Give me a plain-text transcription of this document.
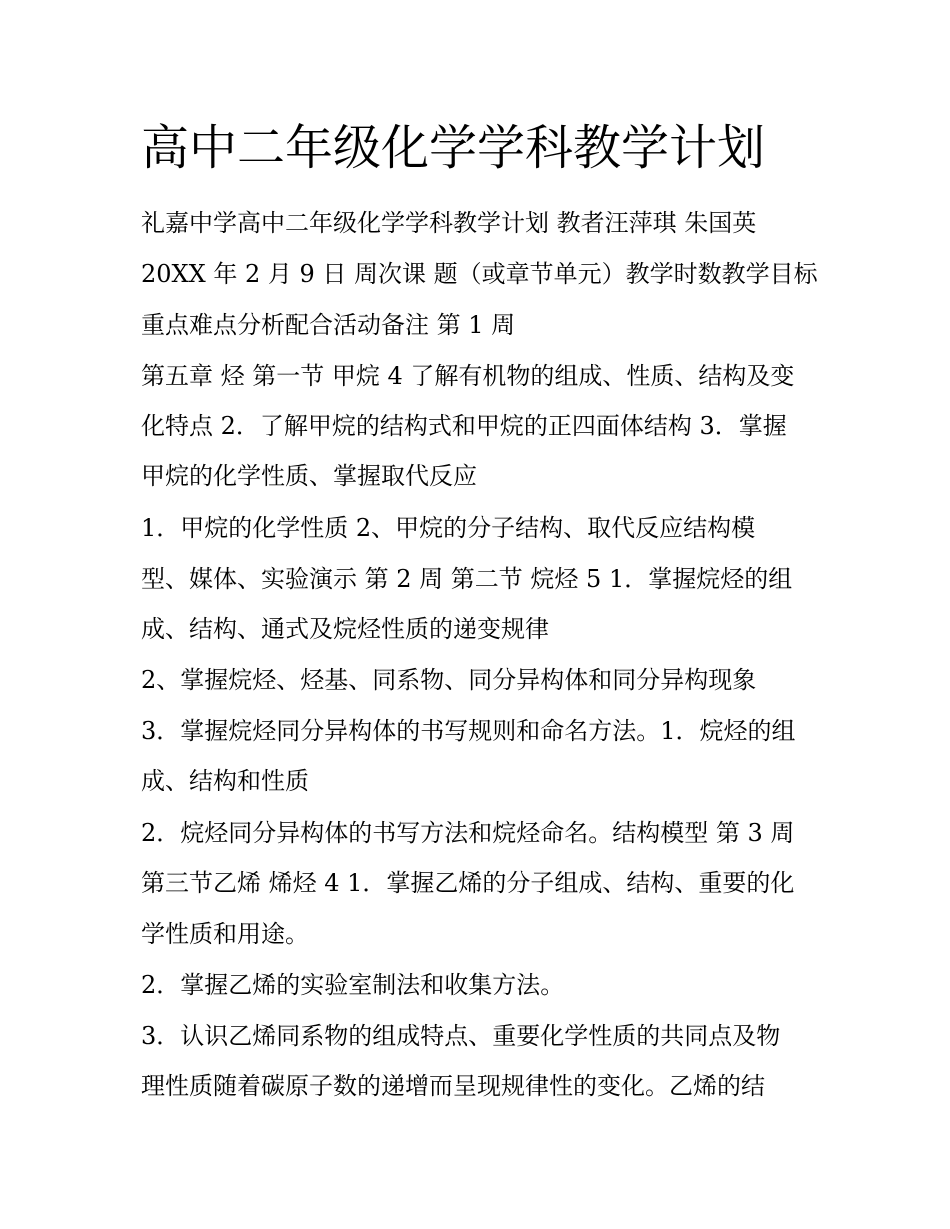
高中二年级化学学科教学计划

礼嘉中学高中二年级化学学科教学计划 教者汪萍琪 朱国英

20XX 年 2 月 9 日 周次课 题（或章节单元）教学时数教学目标

重点难点分析配合活动备注 第 1 周

第五章 烃 第一节 甲烷 4 了解有机物的组成、性质、结构及变

化特点 2．了解甲烷的结构式和甲烷的正四面体结构 3．掌握

甲烷的化学性质、掌握取代反应

1．甲烷的化学性质 2、甲烷的分子结构、取代反应结构模

型、媒体、实验演示 第 2 周 第二节 烷烃 5 1．掌握烷烃的组

成、结构、通式及烷烃性质的递变规律

2、掌握烷烃、烃基、同系物、同分异构体和同分异构现象

3．掌握烷烃同分异构体的书写规则和命名方法。1．烷烃的组

成、结构和性质

2．烷烃同分异构体的书写方法和烷烃命名。结构模型 第 3 周

第三节乙烯 烯烃 4 1．掌握乙烯的分子组成、结构、重要的化

学性质和用途。

2．掌握乙烯的实验室制法和收集方法。

3．认识乙烯同系物的组成特点、重要化学性质的共同点及物

理性质随着碳原子数的递增而呈现规律性的变化。乙烯的结
